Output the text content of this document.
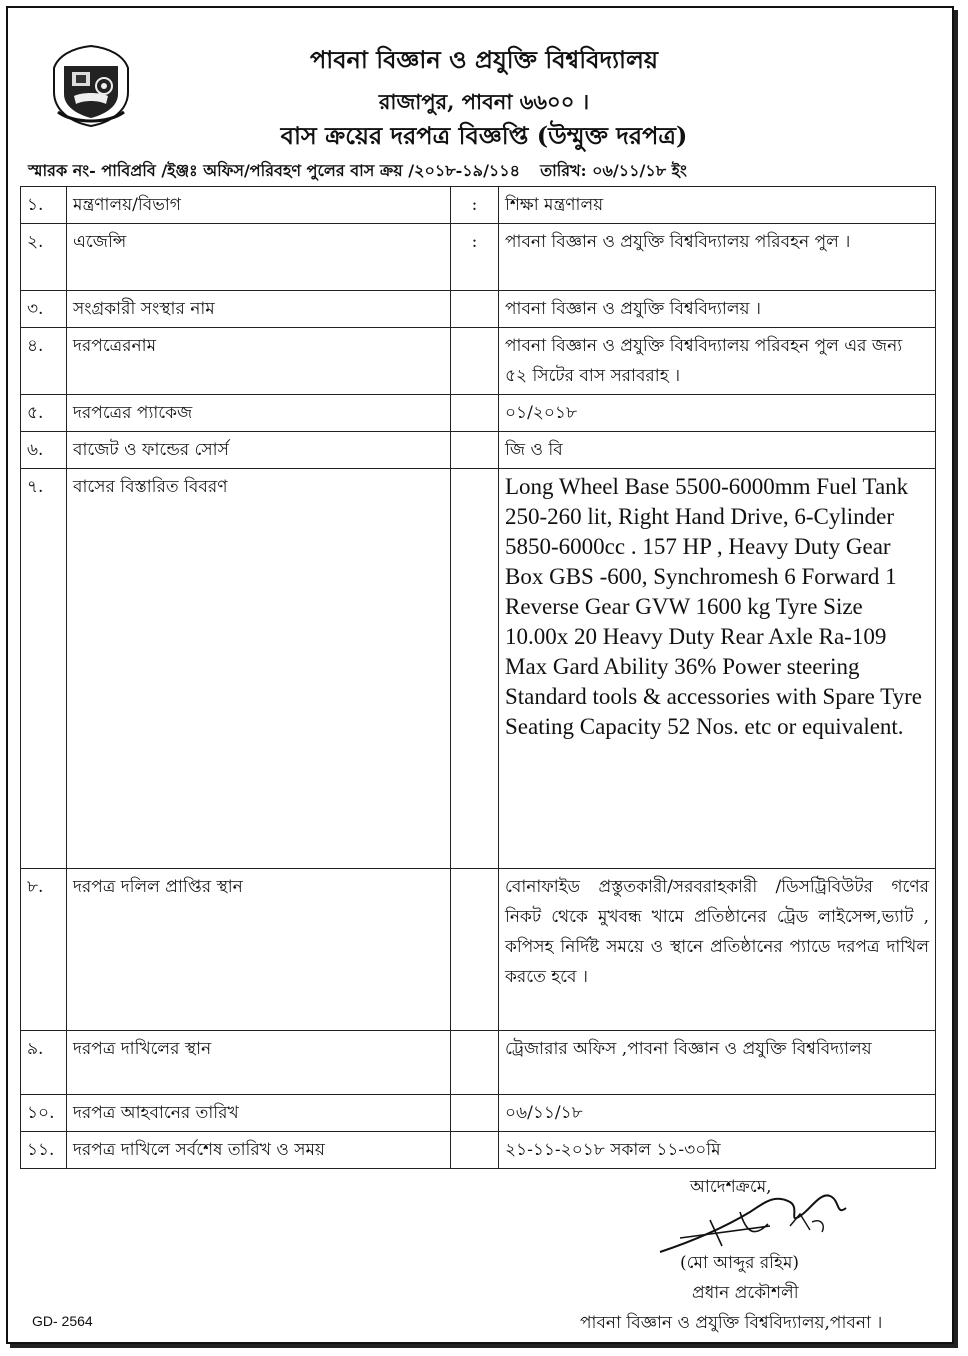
পাবনা বিজ্ঞান ও প্রযুক্তি বিশ্ববিদ্যালয়
রাজাপুর, পাবনা ৬৬০০ ।
বাস ক্রয়ের দরপত্র বিজ্ঞপ্তি (উম্মুক্ত দরপত্র)
স্মারক নং- পাবিপ্রবি /ইঞ্জঃ অফিস/পরিবহণ পুলের বাস ক্রয় /২০১৮-১৯/১১৪ তারিখ: ০৬/১১/১৮ ইং
১.	মন্ত্রণালয়/বিভাগ	:	শিক্ষা মন্ত্রণালয়
২.	এজেন্সি	:	পাবনা বিজ্ঞান ও প্রযুক্তি বিশ্ববিদ্যালয় পরিবহন পুল ।
৩.	সংগ্রকারী সংস্থার নাম		পাবনা বিজ্ঞান ও প্রযুক্তি বিশ্ববিদ্যালয় ।
৪.	দরপত্রেরনাম		পাবনা বিজ্ঞান ও প্রযুক্তি বিশ্ববিদ্যালয় পরিবহন পুল এর জন্য ৫২ সিটের বাস সরাবরাহ ।
৫.	দরপত্রের প্যাকেজ		০১/২০১৮
৬.	বাজেট ও ফান্ডের সোর্স		জি ও বি
৭.	বাসের বিস্তারিত বিবরণ		Long Wheel Base 5500-6000mm Fuel Tank 250-260 lit, Right Hand Drive, 6-Cylinder 5850-6000cc . 157 HP , Heavy Duty Gear Box GBS -600, Synchromesh 6 Forward 1 Reverse Gear GVW 1600 kg Tyre Size 10.00x 20 Heavy Duty Rear Axle Ra-109 Max Gard Ability 36% Power steering Standard tools & accessories with Spare Tyre Seating Capacity 52 Nos. etc or equivalent.
৮.	দরপত্র দলিল প্রাপ্তির স্থান		বোনাফাইড প্রস্তুতকারী/সরবরাহকারী /ডিসট্রিবিউটর গণের নিকট থেকে মুখবন্ধ খামে প্রতিষ্ঠানের ট্রেড লাইসেন্স,ভ্যাট , কপিসহ নির্দিষ্ট সময়ে ও স্থানে প্রতিষ্ঠানের প্যাডে দরপত্র দাখিল করতে হবে ।
৯.	দরপত্র দাখিলের স্থান		ট্রেজারার অফিস ,পাবনা বিজ্ঞান ও প্রযুক্তি বিশ্ববিদ্যালয়
১০.	দরপত্র আহবানের তারিখ		০৬/১১/১৮
১১.	দরপত্র দাখিলে সর্বশেষ তারিখ ও সময়		২১-১১-২০১৮ সকাল ১১-৩০মি
আদেশক্রমে,
(মো আব্দুর রহিম)
প্রধান প্রকৌশলী
পাবনা বিজ্ঞান ও প্রযুক্তি বিশ্ববিদ্যালয়,পাবনা ।
GD- 2564
